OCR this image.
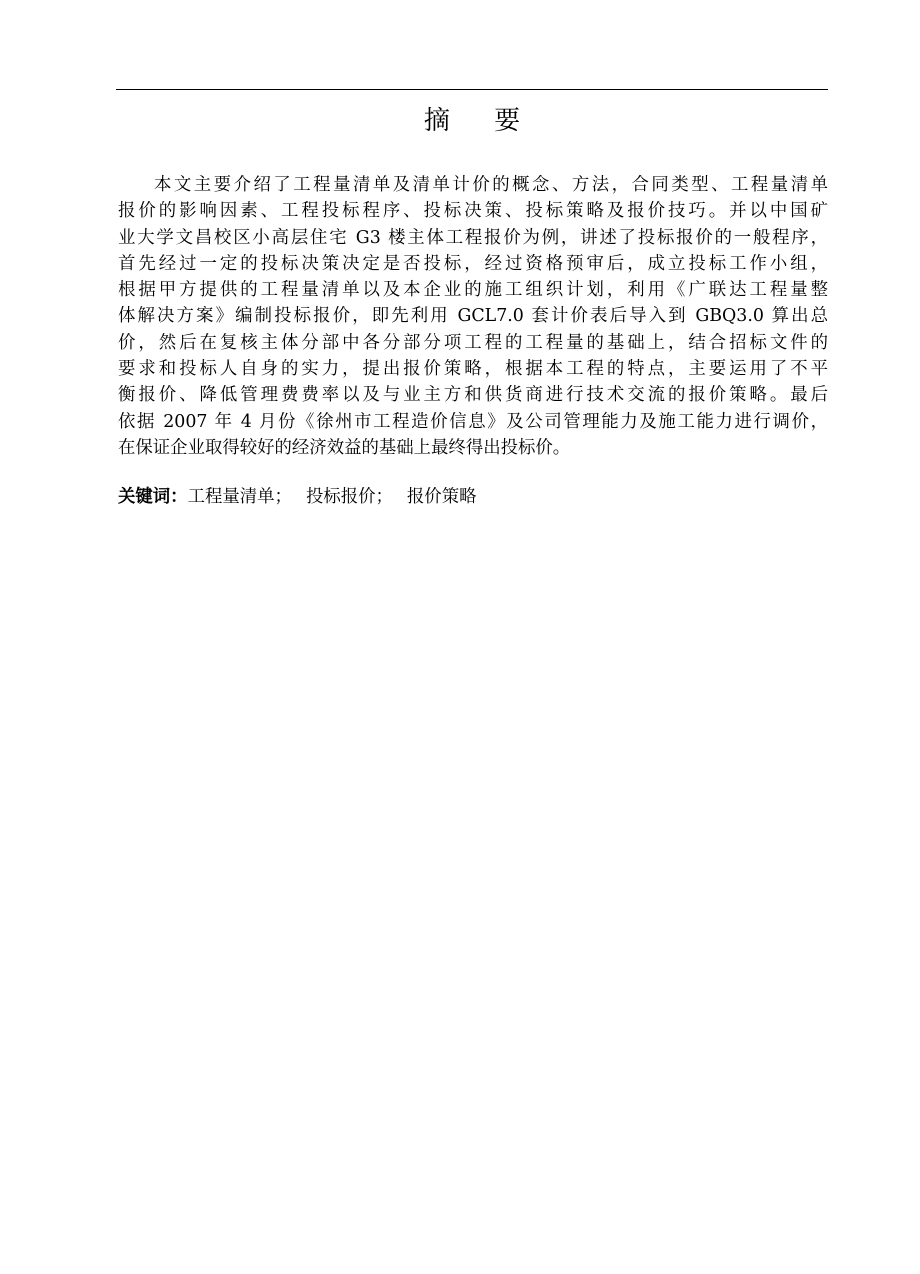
摘 要
本文主要介绍了工程量清单及清单计价的概念、方法，合同类型、工程量清单
报价的影响因素、工程投标程序、投标决策、投标策略及报价技巧。并以中国矿
业大学文昌校区小高层住宅 G3 楼主体工程报价为例，讲述了投标报价的一般程序，
首先经过一定的投标决策决定是否投标，经过资格预审后，成立投标工作小组，
根据甲方提供的工程量清单以及本企业的施工组织计划，利用《广联达工程量整
体解决方案》编制投标报价，即先利用 GCL7.0 套计价表后导入到 GBQ3.0 算出总
价，然后在复核主体分部中各分部分项工程的工程量的基础上，结合招标文件的
要求和投标人自身的实力，提出报价策略，根据本工程的特点，主要运用了不平
衡报价、降低管理费费率以及与业主方和供货商进行技术交流的报价策略。最后
依据 2007 年 4 月份《徐州市工程造价信息》及公司管理能力及施工能力进行调价，
在保证企业取得较好的经济效益的基础上最终得出投标价。
关键词：工程量清单； 投标报价； 报价策略
